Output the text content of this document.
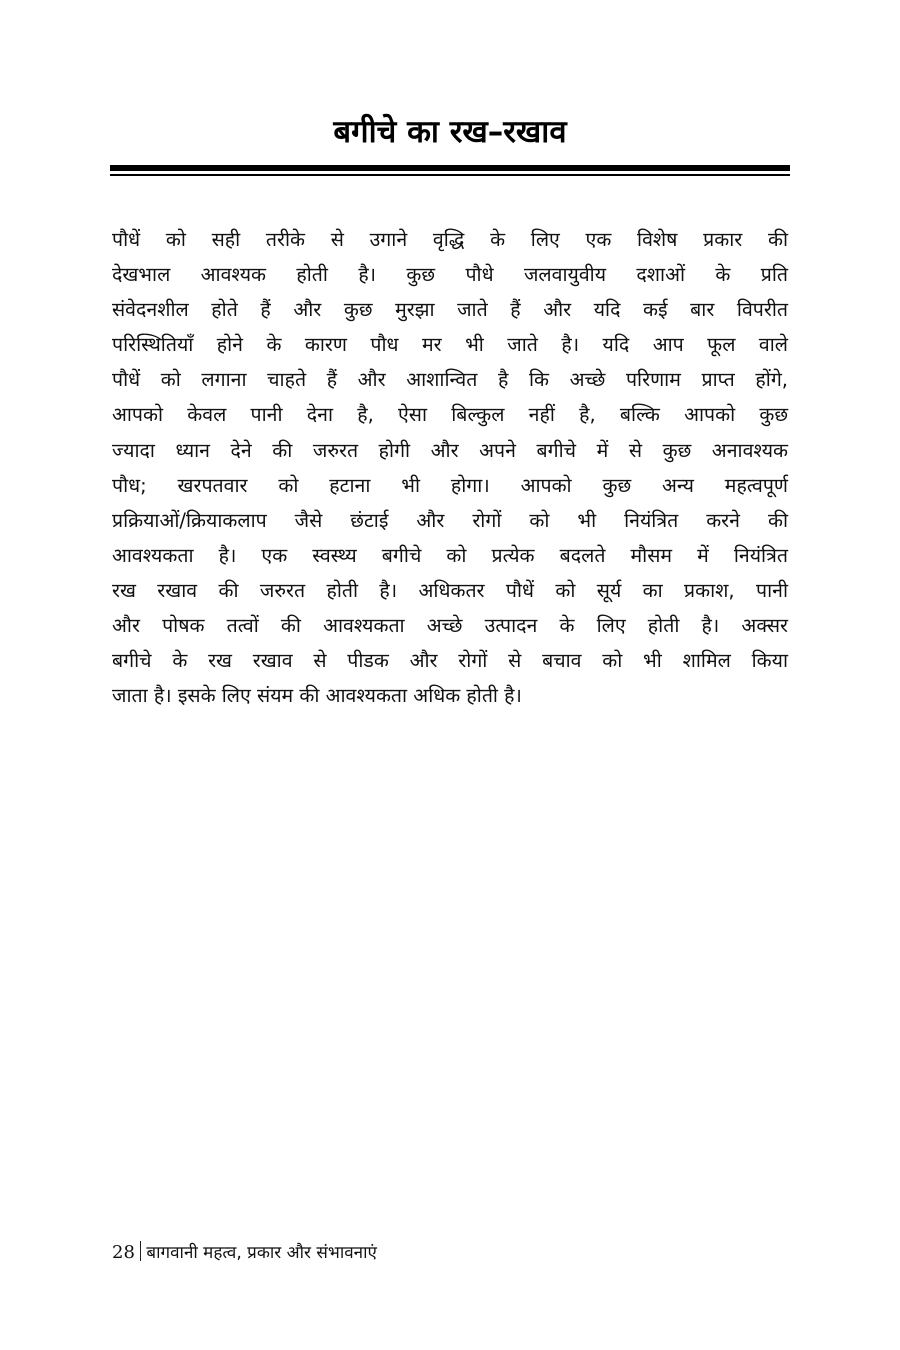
बगीचे का रख–रखाव
पौधें को सही तरीके से उगाने वृद्धि के लिए एक विशेष प्रकार की
देखभाल आवश्यक होती है। कुछ पौधे जलवायुवीय दशाओं के प्रति
संवेदनशील होते हैं और कुछ मुरझा जाते हैं और यदि कई बार विपरीत
परिस्थितियाँ होने के कारण पौध मर भी जाते है। यदि आप फूल वाले
पौधें को लगाना चाहते हैं और आशान्वित है कि अच्छे परिणाम प्राप्त होंगे,
आपको केवल पानी देना है, ऐसा बिल्कुल नहीं है, बल्कि आपको कुछ
ज्यादा ध्यान देने की जरुरत होगी और अपने बगीचे में से कुछ अनावश्यक
पौध; खरपतवार को हटाना भी होगा। आपको कुछ अन्य महत्वपूर्ण
प्रक्रियाओं/क्रियाकलाप जैसे छंटाई और रोगों को भी नियंत्रित करने की
आवश्यकता है। एक स्वस्थ्य बगीचे को प्रत्येक बदलते मौसम में नियंत्रित
रख रखाव की जरुरत होती है। अधिकतर पौधें को सूर्य का प्रकाश, पानी
और पोषक तत्वों की आवश्यकता अच्छे उत्पादन के लिए होती है। अक्सर
बगीचे के रख रखाव से पीडक और रोगों से बचाव को भी शामिल किया
जाता है। इसके लिए संयम की आवश्यकता अधिक होती है।
28 बागवानी महत्व, प्रकार और संभावनाएं
